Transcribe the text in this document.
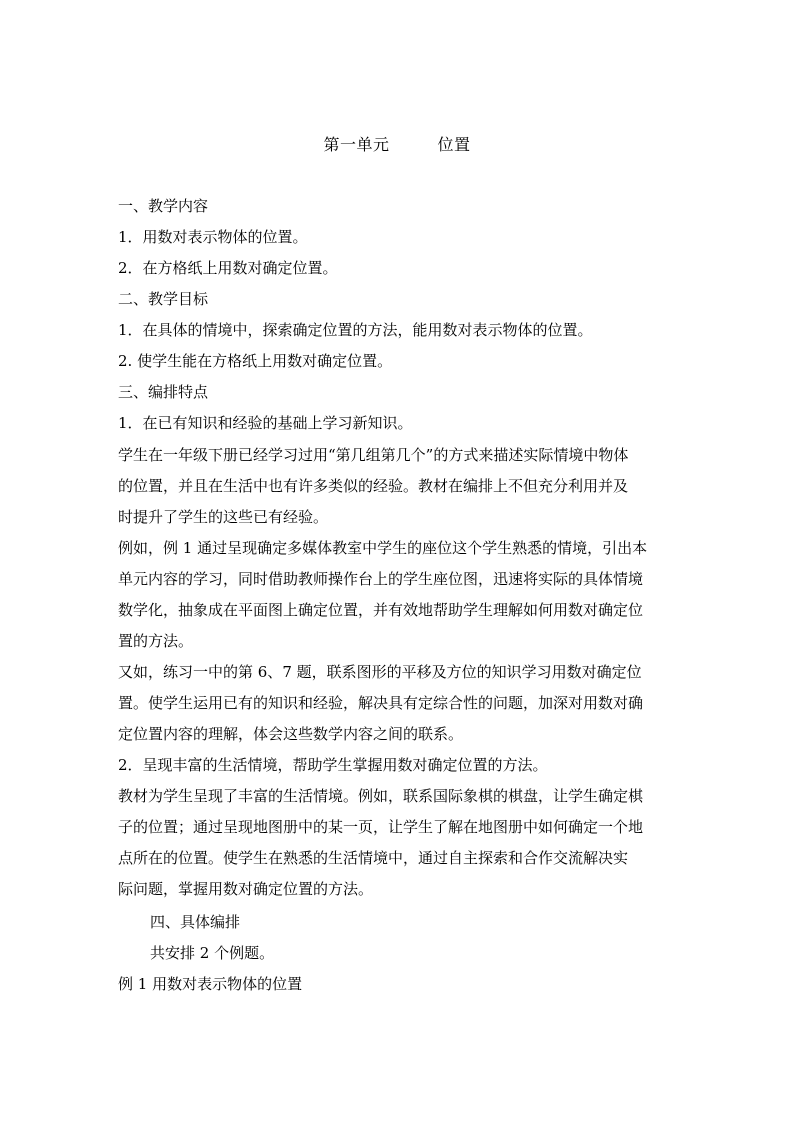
第一单元	位置
一、教学内容
1．用数对表示物体的位置。
2．在方格纸上用数对确定位置。
二、教学目标
1．在具体的情境中，探索确定位置的方法，能用数对表示物体的位置。
2. 使学生能在方格纸上用数对确定位置。
三、编排特点
1．在已有知识和经验的基础上学习新知识。
学生在一年级下册已经学习过用“第几组第几个”的方式来描述实际情境中物体
的位置，并且在生活中也有许多类似的经验。教材在编排上不但充分利用并及
时提升了学生的这些已有经验。
例如，例 1 通过呈现确定多媒体教室中学生的座位这个学生熟悉的情境，引出本
单元内容的学习，同时借助教师操作台上的学生座位图，迅速将实际的具体情境
数学化，抽象成在平面图上确定位置，并有效地帮助学生理解如何用数对确定位
置的方法。
又如，练习一中的第 6、7 题，联系图形的平移及方位的知识学习用数对确定位
置。使学生运用已有的知识和经验，解决具有定综合性的问题，加深对用数对确
定位置内容的理解，体会这些数学内容之间的联系。
2．呈现丰富的生活情境，帮助学生掌握用数对确定位置的方法。
教材为学生呈现了丰富的生活情境。例如，联系国际象棋的棋盘，让学生确定棋
子的位置；通过呈现地图册中的某一页，让学生了解在地图册中如何确定一个地
点所在的位置。使学生在熟悉的生活情境中，通过自主探索和合作交流解决实
际问题，掌握用数对确定位置的方法。
四、具体编排
共安排 2 个例题。
例 1 用数对表示物体的位置
